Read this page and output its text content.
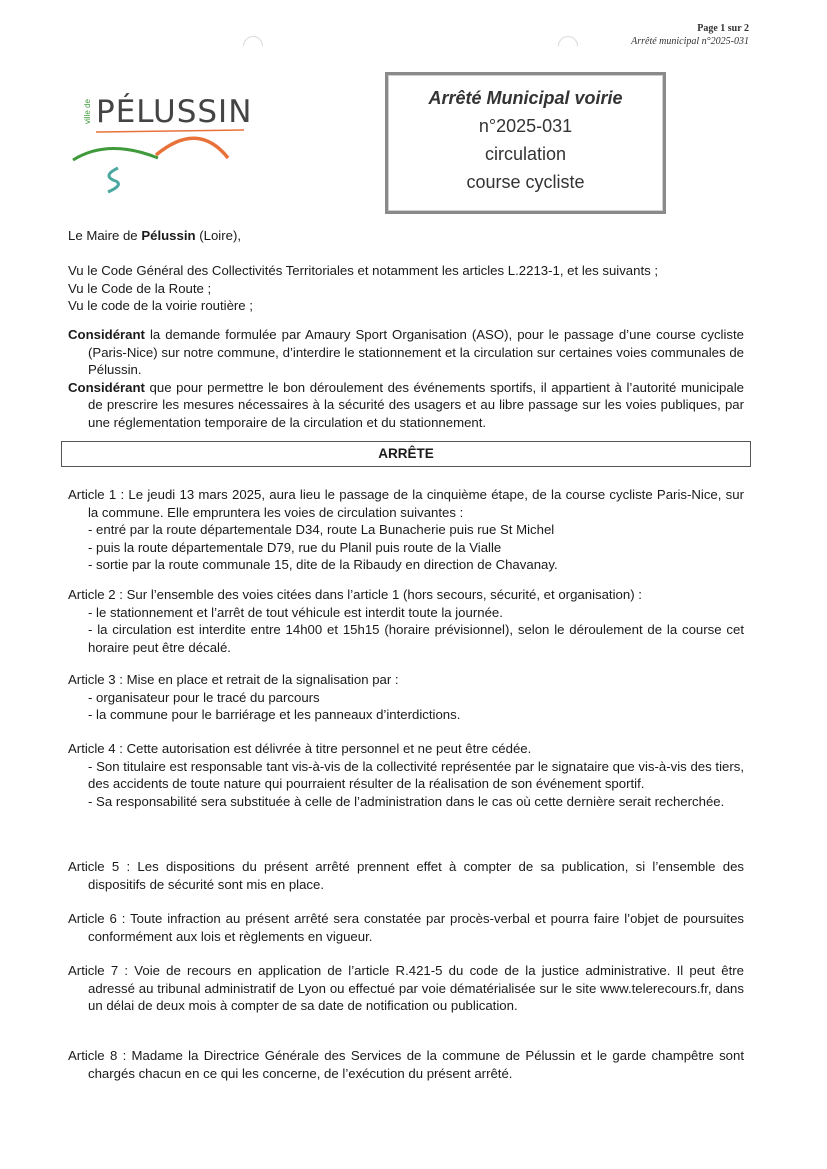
Page 1 sur 2
Arrêté municipal n°2025-031
ville de PÉLUSSIN	Arrêté Municipal voirie
n°2025-031
circulation
course cycliste
Le Maire de Pélussin (Loire),

Vu le Code Général des Collectivités Territoriales et notamment les articles L.2213-1, et les suivants ;

Vu le Code de la Route ;

Vu le code de la voirie routière ;

Considérant la demande formulée par Amaury Sport Organisation (ASO), pour le passage d’une course cycliste (Paris-Nice) sur notre commune, d’interdire le stationnement et la circulation sur certaines voies communales de Pélussin.

Considérant que pour permettre le bon déroulement des événements sportifs, il appartient à l’autorité municipale de prescrire les mesures nécessaires à la sécurité des usagers et au libre passage sur les voies publiques, par une réglementation temporaire de la circulation et du stationnement.

ARRÊTE

Article 1 : Le jeudi 13 mars 2025, aura lieu le passage de la cinquième étape, de la course cycliste Paris-Nice, sur la commune. Elle empruntera les voies de circulation suivantes :

- entré par la route départementale D34, route La Bunacherie puis rue St Michel

- puis la route départementale D79, rue du Planil puis route de la Vialle

- sortie par la route communale 15, dite de la Ribaudy en direction de Chavanay.

Article 2 : Sur l’ensemble des voies citées dans l’article 1 (hors secours, sécurité, et organisation) :

- le stationnement et l’arrêt de tout véhicule est interdit toute la journée.

- la circulation est interdite entre 14h00 et 15h15 (horaire prévisionnel), selon le déroulement de la course cet horaire peut être décalé.

Article 3 : Mise en place et retrait de la signalisation par :

- organisateur pour le tracé du parcours

- la commune pour le barriérage et les panneaux d’interdictions.

Article 4 : Cette autorisation est délivrée à titre personnel et ne peut être cédée.

- Son titulaire est responsable tant vis-à-vis de la collectivité représentée par le signataire que vis-à-vis des tiers, des accidents de toute nature qui pourraient résulter de la réalisation de son événement sportif.

- Sa responsabilité sera substituée à celle de l’administration dans le cas où cette dernière serait recherchée.

Article 5 : Les dispositions du présent arrêté prennent effet à compter de sa publication, si l’ensemble des dispositifs de sécurité sont mis en place.

Article 6 : Toute infraction au présent arrêté sera constatée par procès-verbal et pourra faire l’objet de poursuites conformément aux lois et règlements en vigueur.

Article 7 : Voie de recours en application de l’article R.421-5 du code de la justice administrative. Il peut être adressé au tribunal administratif de Lyon ou effectué par voie dématérialisée sur le site www.telerecours.fr, dans un délai de deux mois à compter de sa date de notification ou publication.

Article 8 : Madame la Directrice Générale des Services de la commune de Pélussin et le garde champêtre sont chargés chacun en ce qui les concerne, de l’exécution du présent arrêté.
